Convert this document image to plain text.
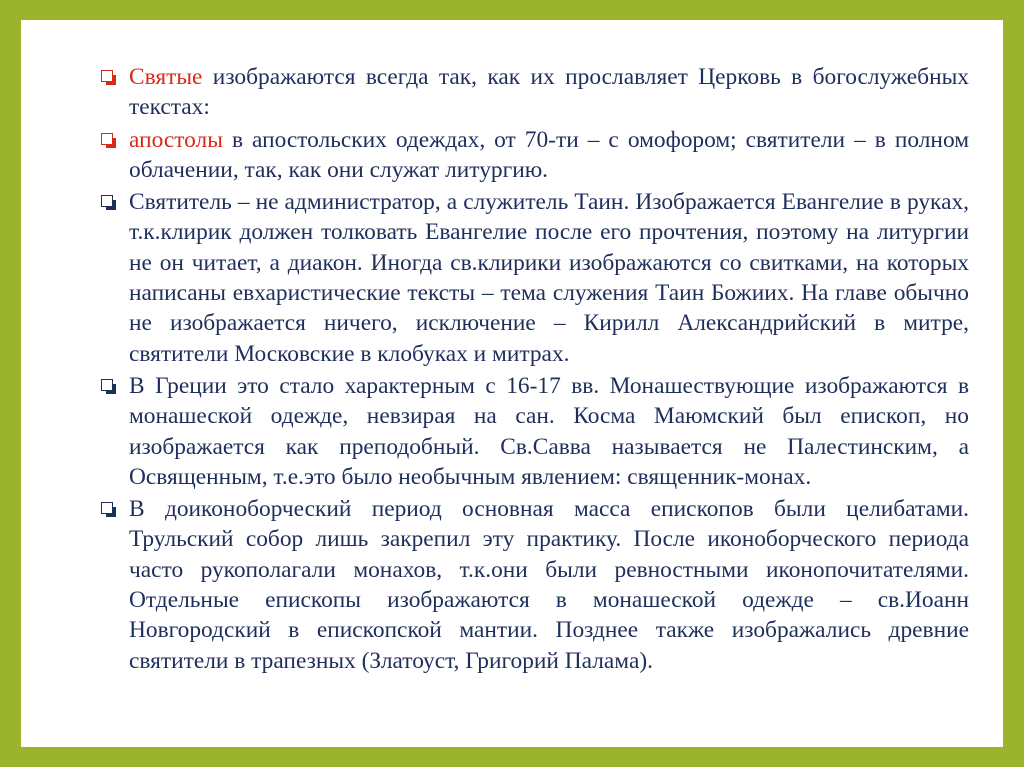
Святые изображаются всегда так, как их прославляет Церковь в богослужебных текстах:
апостолы в апостольских одеждах, от 70-ти – с омофором; святители – в полном облачении, так, как они служат литургию.
Святитель – не администратор, а служитель Таин. Изображается Евангелие в руках, т.к.клирик должен толковать Евангелие после его прочтения, поэтому на литургии не он читает, а диакон. Иногда св.клирики изображаются со свитками, на которых написаны евхаристические тексты – тема служения Таин Божиих. На главе обычно не изображается ничего, исключение – Кирилл Александрийский в митре, святители Московские в клобуках и митрах.
В Греции это стало характерным с 16-17 вв. Монашествующие изображаются в монашеской одежде, невзирая на сан. Косма Маюмский был епископ, но изображается как преподобный. Св.Савва называется не Палестинским, а Освященным, т.е.это было необычным явлением: священник-монах.
В доиконоборческий период основная масса епископов были целибатами. Трульский собор лишь закрепил эту практику. После иконоборческого периода часто рукополагали монахов, т.к.они были ревностными иконопочитателями. Отдельные епископы изображаются в монашеской одежде – св.Иоанн Новгородский в епископской мантии. Позднее также изображались древние святители в трапезных (Златоуст, Григорий Палама).
